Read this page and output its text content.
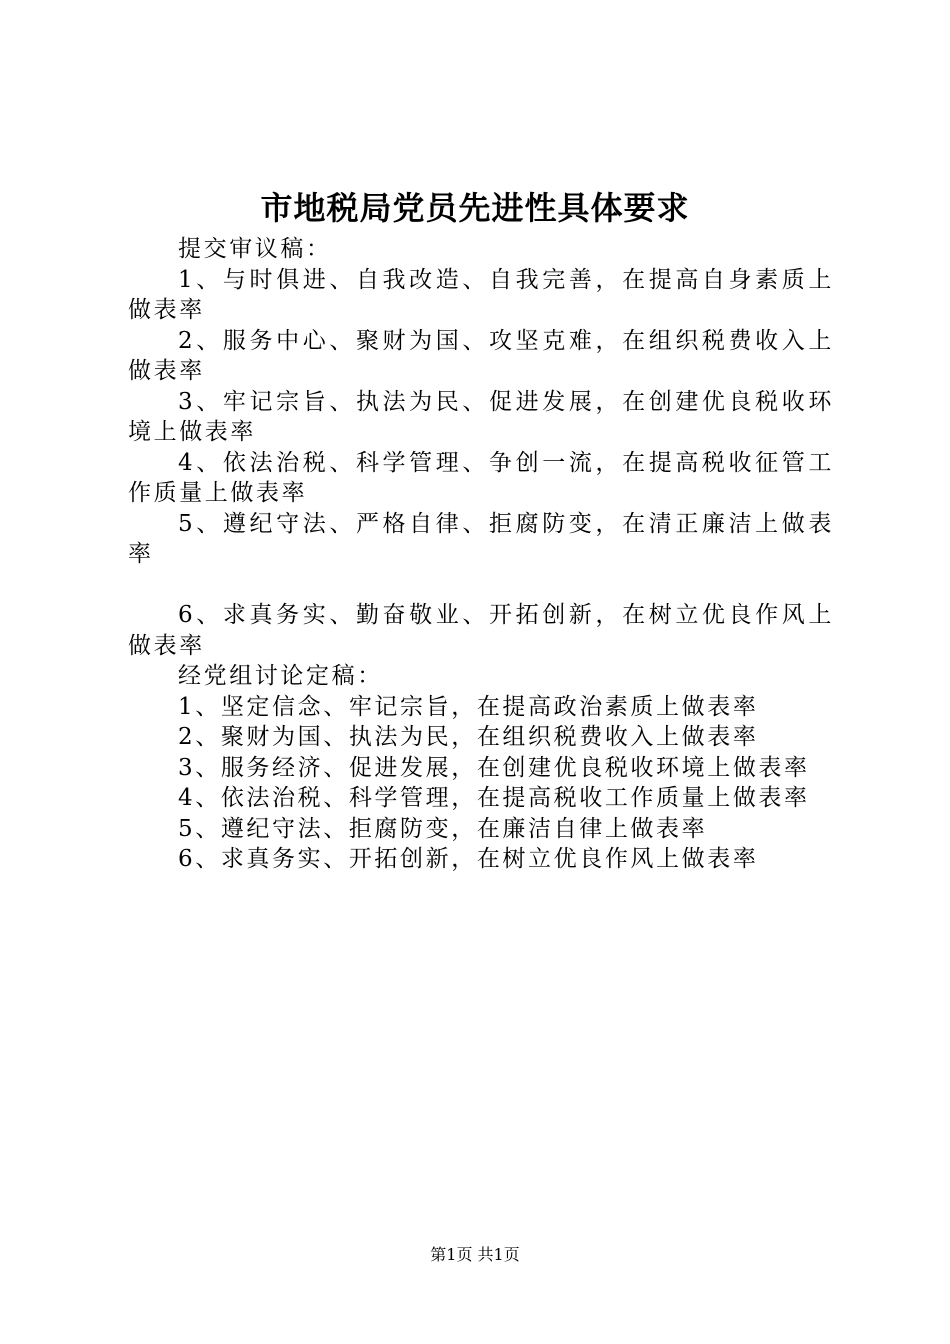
市地税局党员先进性具体要求

提交审议稿：

1、与时俱进、自我改造、自我完善，在提高自身素质上做表率

2、服务中心、聚财为国、攻坚克难，在组织税费收入上做表率

3、牢记宗旨、执法为民、促进发展，在创建优良税收环境上做表率

4、依法治税、科学管理、争创一流，在提高税收征管工作质量上做表率

5、遵纪守法、严格自律、拒腐防变，在清正廉洁上做表率

6、求真务实、勤奋敬业、开拓创新，在树立优良作风上做表率

经党组讨论定稿：

1、坚定信念、牢记宗旨，在提高政治素质上做表率

2、聚财为国、执法为民，在组织税费收入上做表率

3、服务经济、促进发展，在创建优良税收环境上做表率

4、依法治税、科学管理，在提高税收工作质量上做表率

5、遵纪守法、拒腐防变，在廉洁自律上做表率

6、求真务实、开拓创新，在树立优良作风上做表率

第1页 共1页
